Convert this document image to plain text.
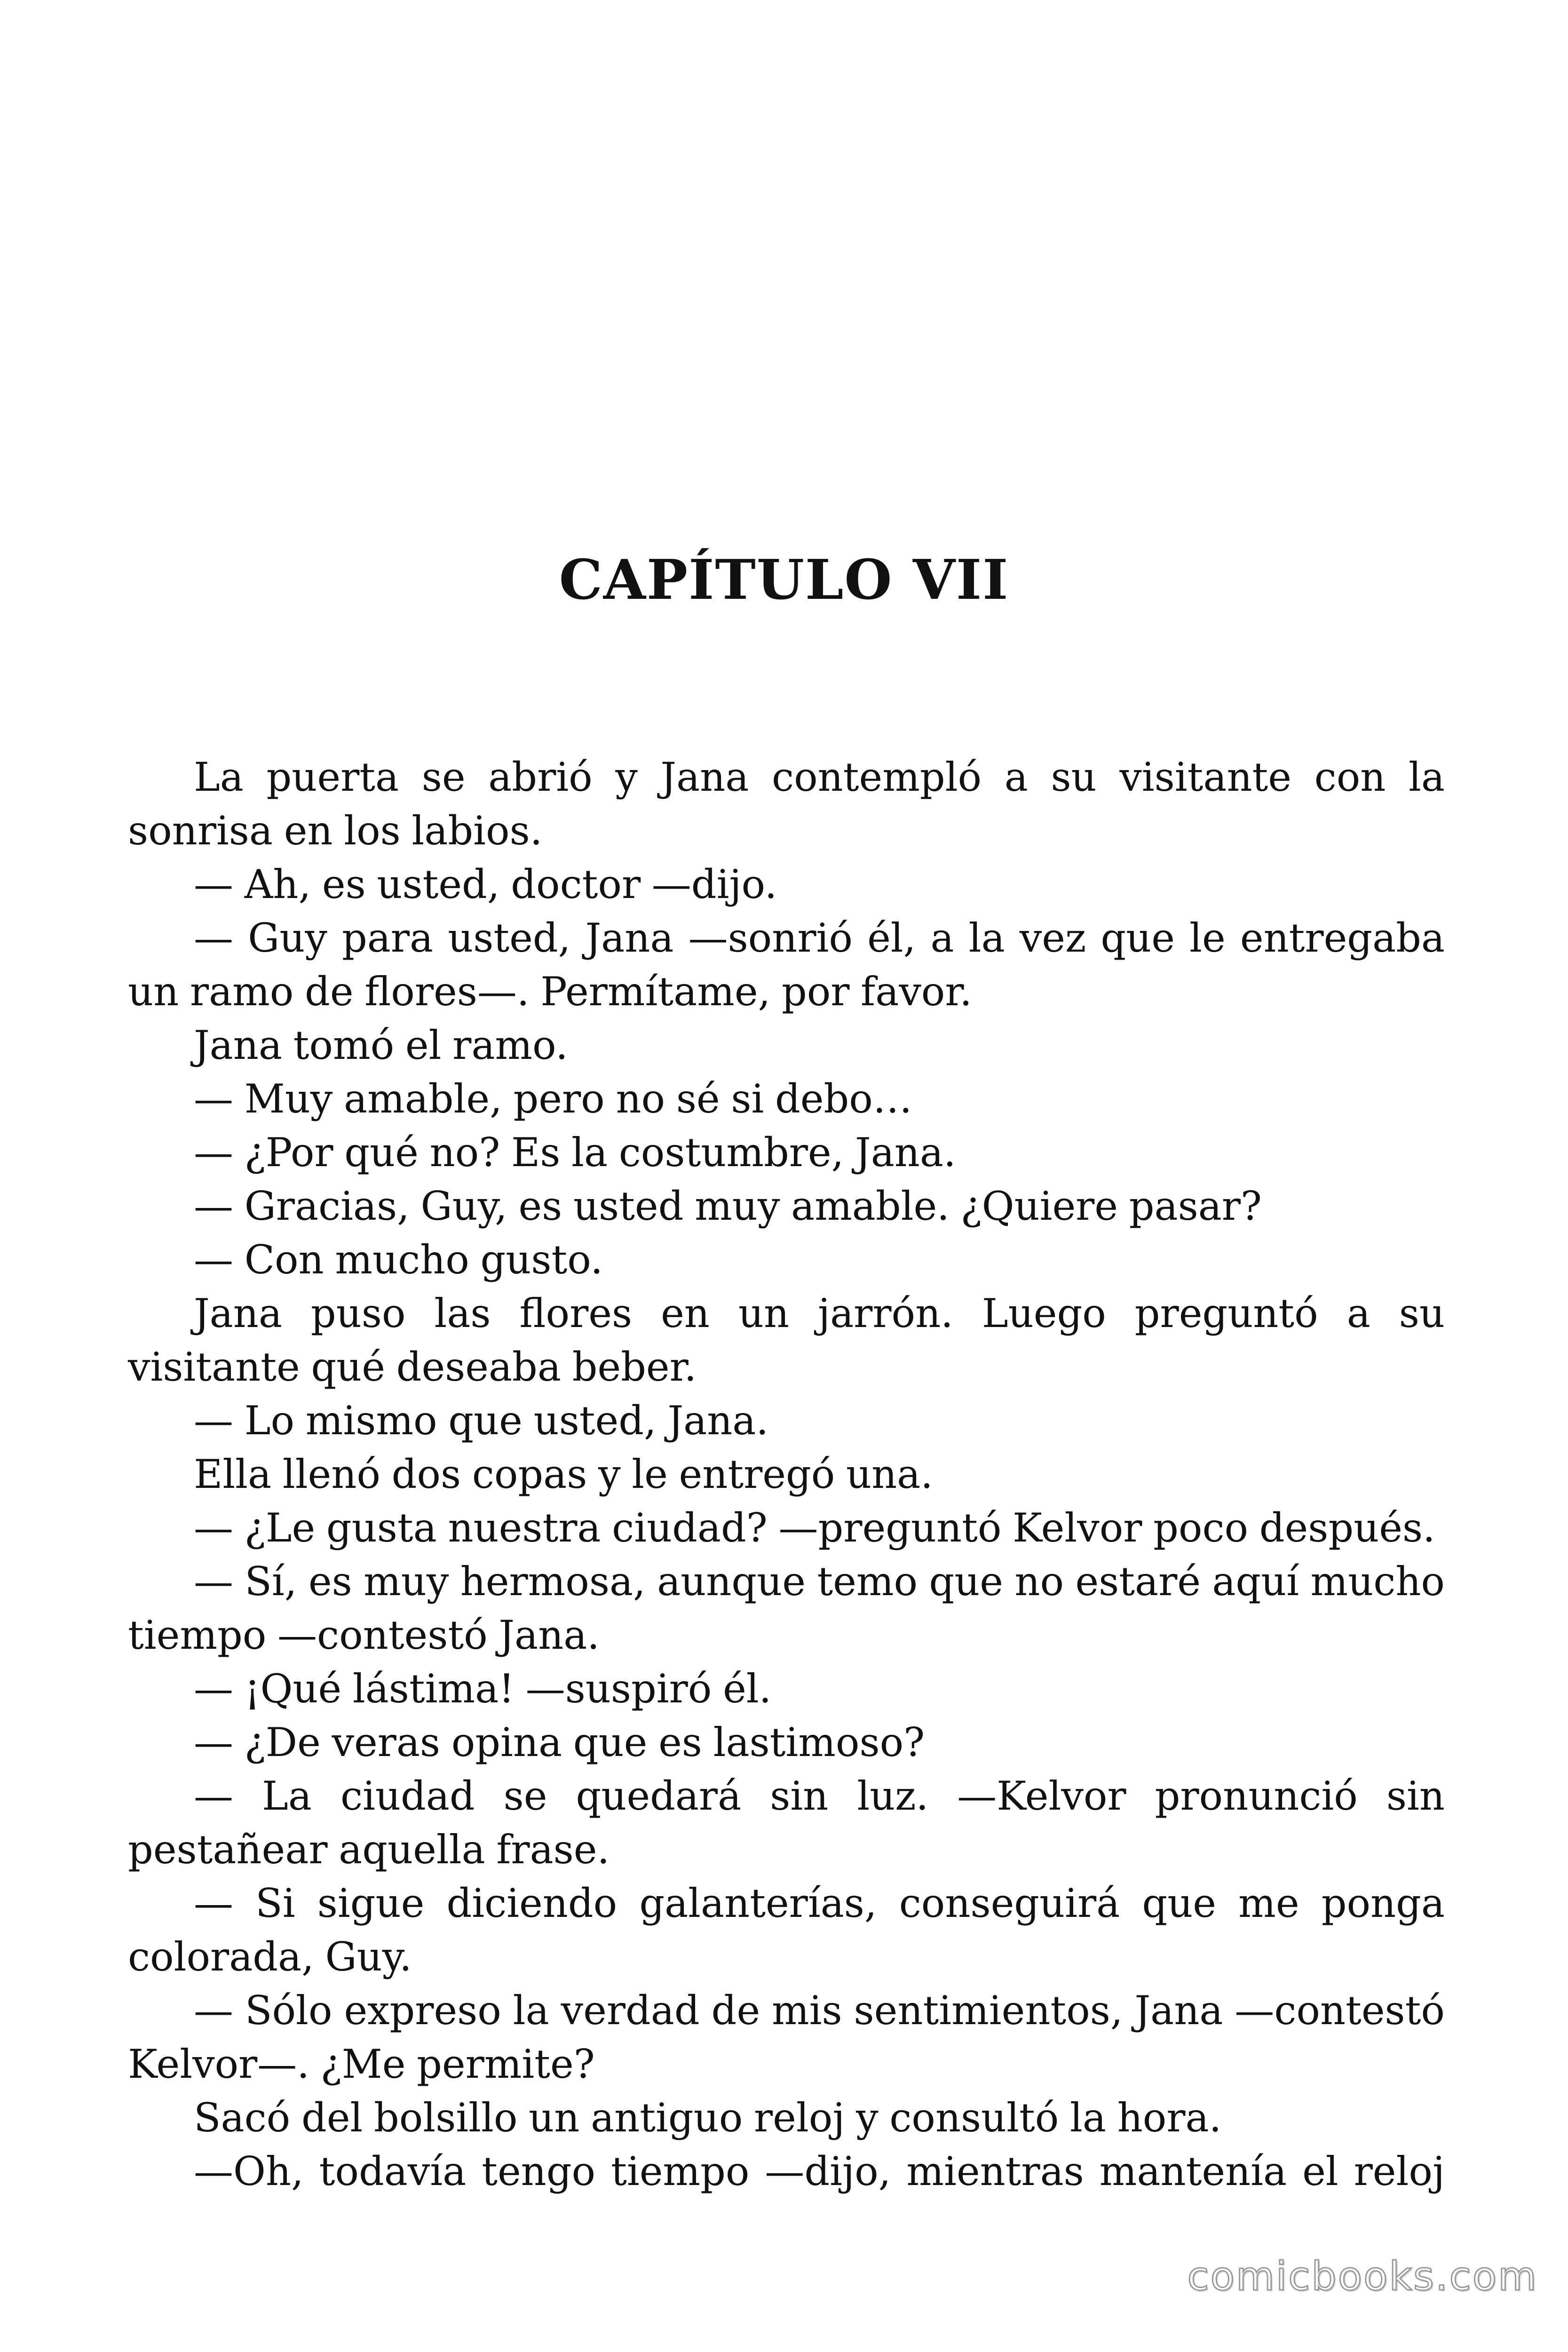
CAPÍTULO VII

La puerta se abrió y Jana contempló a su visitante con la sonrisa en los labios.

— Ah, es usted, doctor —dijo.

— Guy para usted, Jana —sonrió él, a la vez que le entregaba un ramo de flores—. Permítame, por favor.

Jana tomó el ramo.

— Muy amable, pero no sé si debo…

— ¿Por qué no? Es la costumbre, Jana.

— Gracias, Guy, es usted muy amable. ¿Quiere pasar?

— Con mucho gusto.

Jana puso las flores en un jarrón. Luego preguntó a su visitante qué deseaba beber.

— Lo mismo que usted, Jana.

Ella llenó dos copas y le entregó una.

— ¿Le gusta nuestra ciudad? —preguntó Kelvor poco después.

— Sí, es muy hermosa, aunque temo que no estaré aquí mucho tiempo —contestó Jana.

— ¡Qué lástima! —suspiró él.

— ¿De veras opina que es lastimoso?

— La ciudad se quedará sin luz. —Kelvor pronunció sin pestañear aquella frase.

— Si sigue diciendo galanterías, conseguirá que me ponga colorada, Guy.

— Sólo expreso la verdad de mis sentimientos, Jana —contestó Kelvor—. ¿Me permite?

Sacó del bolsillo un antiguo reloj y consultó la hora.

—Oh, todavía tengo tiempo —dijo, mientras mantenía el reloj

comicbooks.com
